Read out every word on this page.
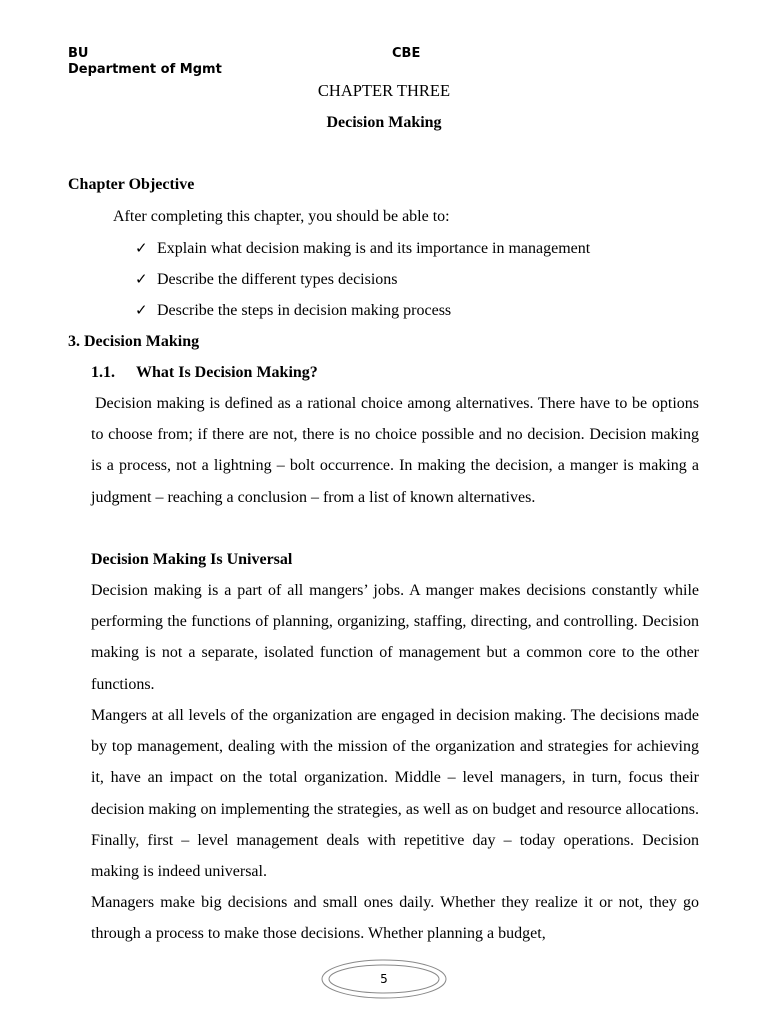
BU	CBE
Department of Mgmt
CHAPTER THREE
Decision Making
Chapter Objective
After completing this chapter, you should be able to:
✓ Explain what decision making is and its importance in management
✓ Describe the different types decisions
✓ Describe the steps in decision making process
3. Decision Making
1.1. What Is Decision Making?

Decision making is defined as a rational choice among alternatives. There have to be options to choose from; if there are not, there is no choice possible and no decision. Decision making is a process, not a lightning – bolt occurrence. In making the decision, a manger is making a judgment – reaching a conclusion – from a list of known alternatives.

Decision Making Is Universal

Decision making is a part of all mangers’ jobs. A manger makes decisions constantly while performing the functions of planning, organizing, staffing, directing, and controlling. Decision making is not a separate, isolated function of management but a common core to the other functions.

Mangers at all levels of the organization are engaged in decision making. The decisions made by top management, dealing with the mission of the organization and strategies for achieving it, have an impact on the total organization. Middle – level managers, in turn, focus their decision making on implementing the strategies, as well as on budget and resource allocations. Finally, first – level management deals with repetitive day – today operations. Decision making is indeed universal.

Managers make big decisions and small ones daily. Whether they realize it or not, they go through a process to make those decisions. Whether planning a budget,

5
